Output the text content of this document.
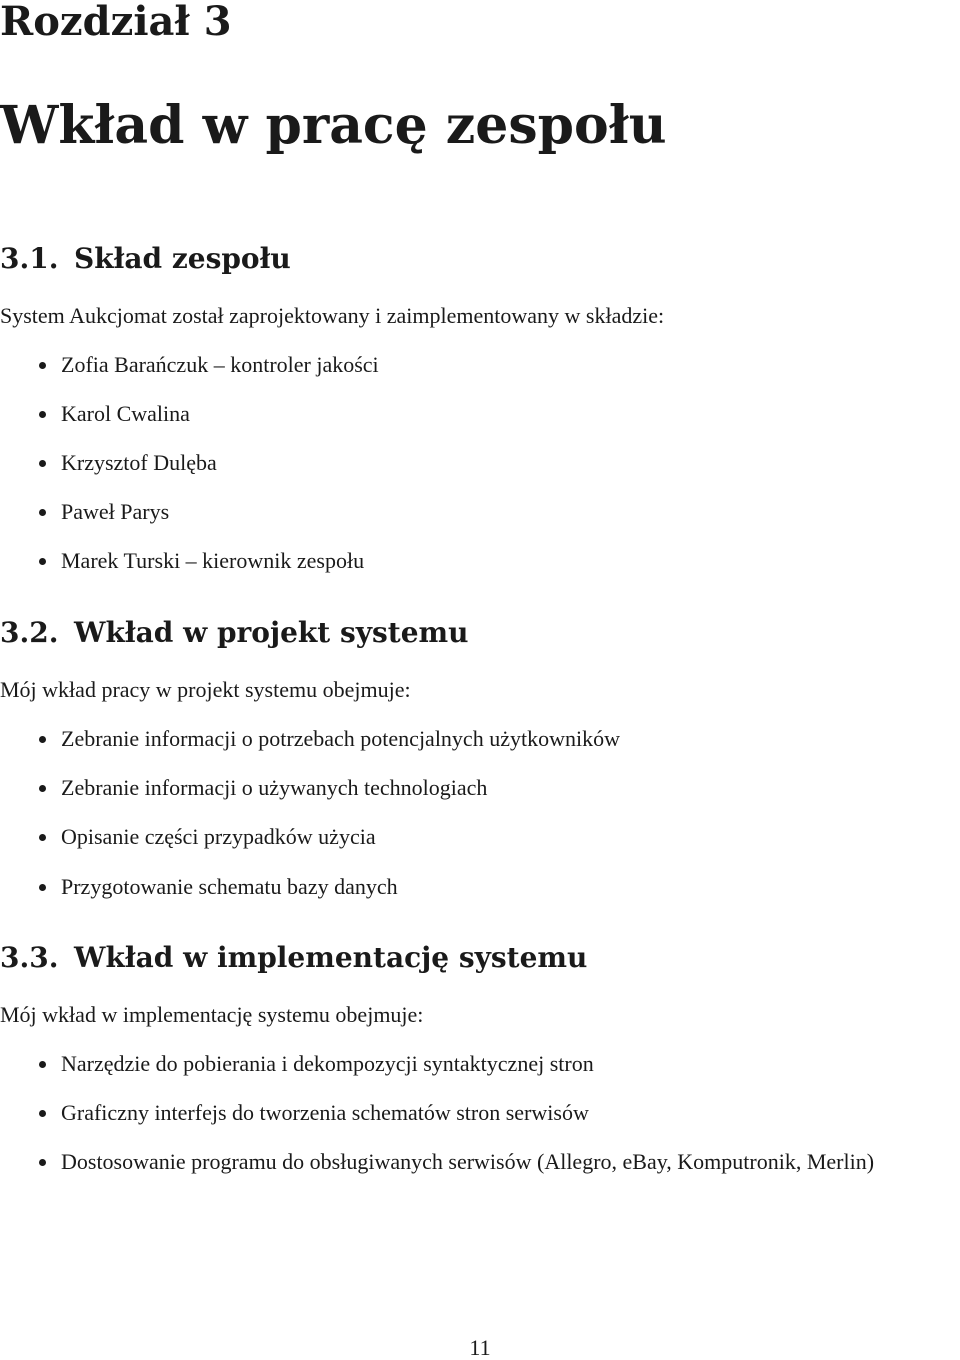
Rozdział 3
Wkład w pracę zespołu
3.1. Skład zespołu

System Aukcjomat został zaprojektowany i zaimplementowany w składzie:

Zofia Barańczuk – kontroler jakości
Karol Cwalina
Krzysztof Dulęba
Paweł Parys
Marek Turski – kierownik zespołu
3.2. Wkład w projekt systemu

Mój wkład pracy w projekt systemu obejmuje:

Zebranie informacji o potrzebach potencjalnych użytkowników
Zebranie informacji o używanych technologiach
Opisanie części przypadków użycia
Przygotowanie schematu bazy danych
3.3. Wkład w implementację systemu

Mój wkład w implementację systemu obejmuje:

Narzędzie do pobierania i dekompozycji syntaktycznej stron
Graficzny interfejs do tworzenia schematów stron serwisów
Dostosowanie programu do obsługiwanych serwisów (Allegro, eBay, Komputronik, Merlin)
11
